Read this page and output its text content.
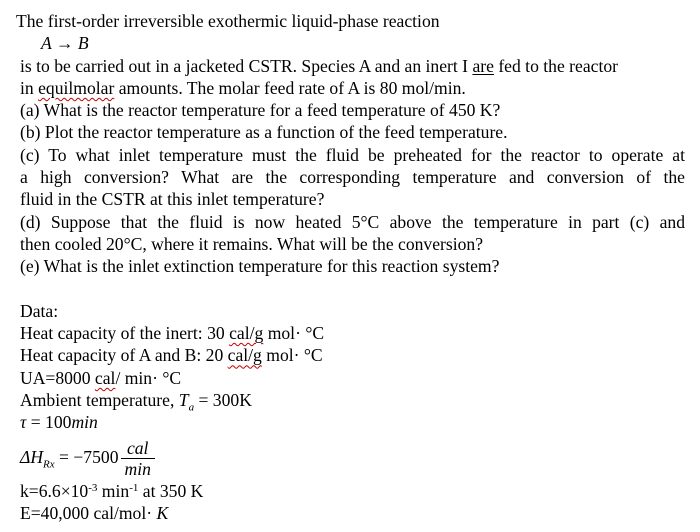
The first-order irreversible exothermic liquid-phase reaction
A → B
is to be carried out in a jacketed CSTR. Species A and an inert I are fed to the reactor
in equilmolar amounts. The molar feed rate of A is 80 mol/min.
(a) What is the reactor temperature for a feed temperature of 450 K?
(b) Plot the reactor temperature as a function of the feed temperature.
(c) To what inlet temperature must the fluid be preheated for the reactor to operate at
a high conversion? What are the corresponding temperature and conversion of the
fluid in the CSTR at this inlet temperature?
(d) Suppose that the fluid is now heated 5°C above the temperature in part (c) and
then cooled 20°C, where it remains. What will be the conversion?
(e) What is the inlet extinction temperature for this reaction system?
Data:
Heat capacity of the inert: 30 cal/g mol· °C
Heat capacity of A and B: 20 cal/g mol· °C
UA=8000 cal/ min· °C
Ambient temperature, $T_a = 300K$
τ = 100min
$\Delta H_{Rx} = -7500 \frac{\text{cal}}{\min}$
$k=6.6\times 10^{-3}$ $\min^{-1}$ at 350 K
E=40,000 cal/mol· K
